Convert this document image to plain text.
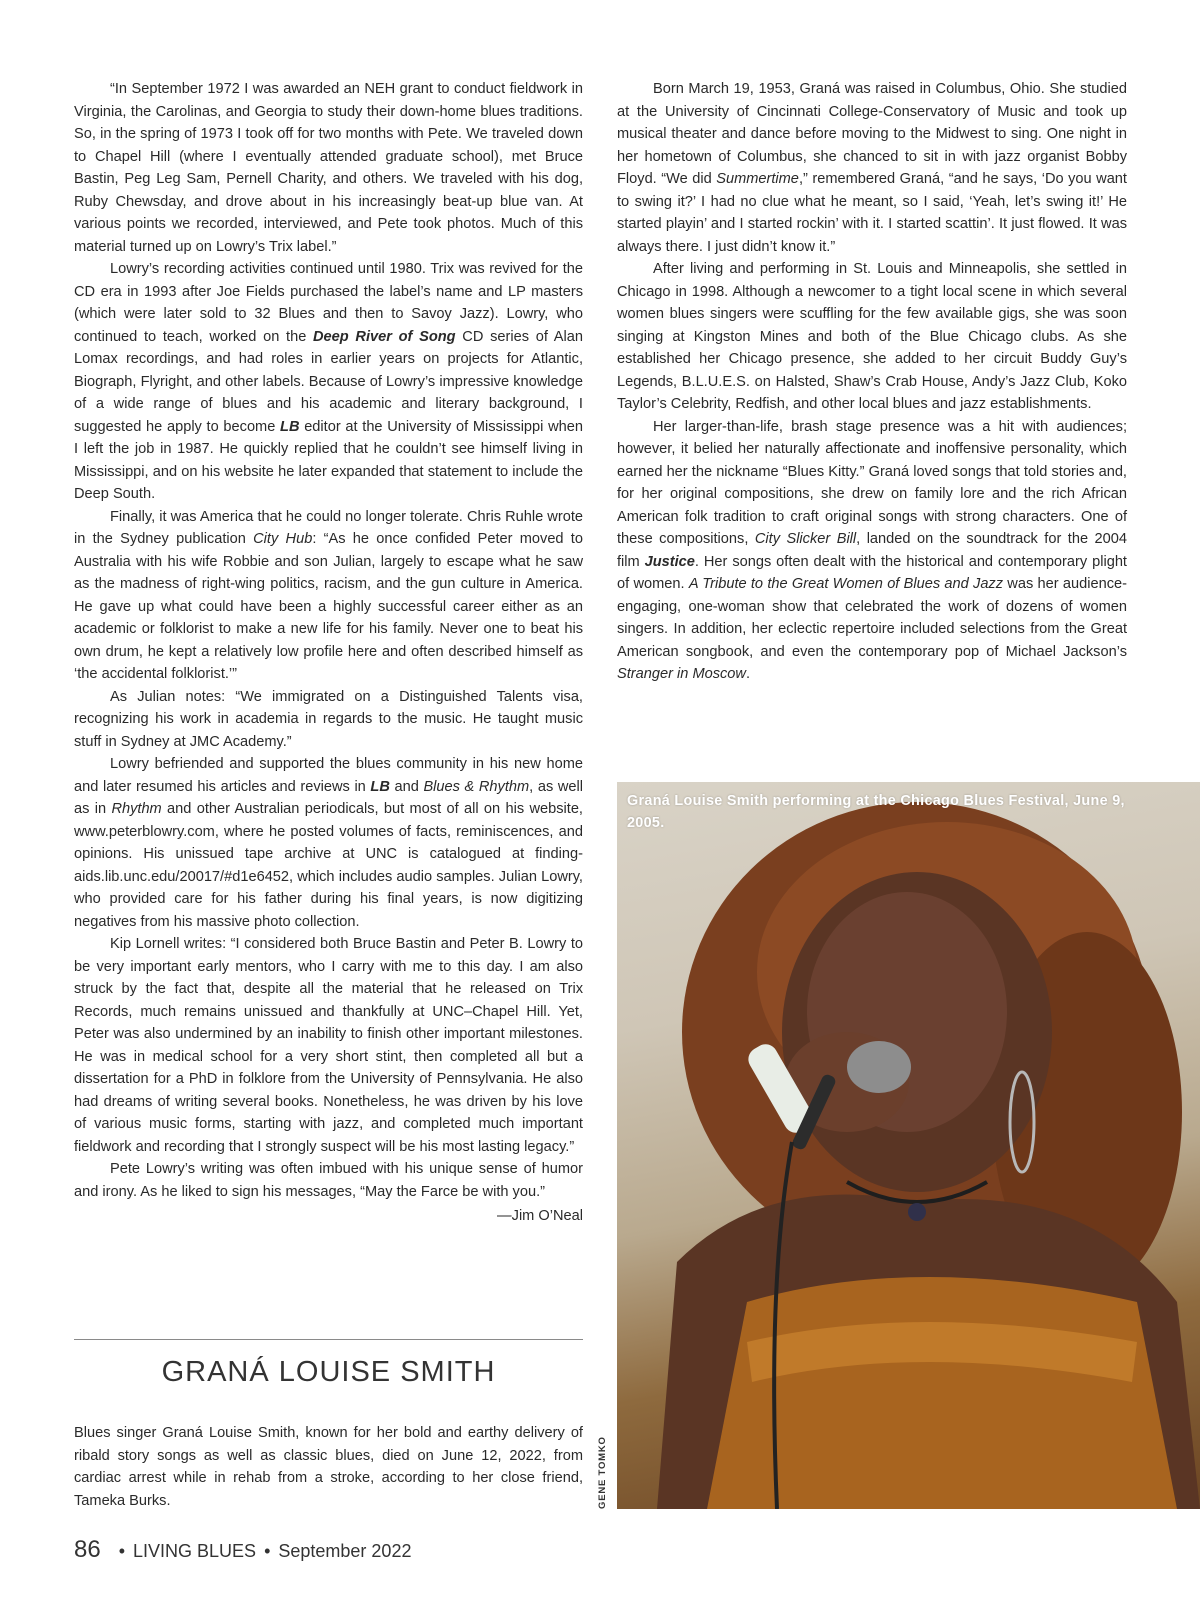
“In September 1972 I was awarded an NEH grant to conduct fieldwork in Virginia, the Carolinas, and Georgia to study their down-home blues traditions. So, in the spring of 1973 I took off for two months with Pete. We traveled down to Chapel Hill (where I eventually attended graduate school), met Bruce Bastin, Peg Leg Sam, Pernell Charity, and others. We traveled with his dog, Ruby Chewsday, and drove about in his increasingly beat-up blue van. At various points we recorded, interviewed, and Pete took photos. Much of this material turned up on Lowry’s Trix label.”

Lowry’s recording activities continued until 1980. Trix was revived for the CD era in 1993 after Joe Fields purchased the label’s name and LP masters (which were later sold to 32 Blues and then to Savoy Jazz). Lowry, who continued to teach, worked on the Deep River of Song CD series of Alan Lomax recordings, and had roles in earlier years on projects for Atlantic, Biograph, Flyright, and other labels. Because of Lowry’s impressive knowledge of a wide range of blues and his academic and literary background, I suggested he apply to become LB editor at the University of Mississippi when I left the job in 1987. He quickly replied that he couldn’t see himself living in Mississippi, and on his website he later expanded that statement to include the Deep South.

Finally, it was America that he could no longer tolerate. Chris Ruhle wrote in the Sydney publication City Hub: “As he once confided Peter moved to Australia with his wife Robbie and son Julian, largely to escape what he saw as the madness of right-wing politics, racism, and the gun culture in America. He gave up what could have been a highly successful career either as an academic or folklorist to make a new life for his family. Never one to beat his own drum, he kept a relatively low profile here and often described himself as ‘the accidental folklorist.’”

As Julian notes: “We immigrated on a Distinguished Talents visa, recognizing his work in academia in regards to the music. He taught music stuff in Sydney at JMC Academy.”

Lowry befriended and supported the blues community in his new home and later resumed his articles and reviews in LB and Blues & Rhythm, as well as in Rhythm and other Australian periodicals, but most of all on his website, www.peterblowry.com, where he posted volumes of facts, reminiscences, and opinions. His unissued tape archive at UNC is catalogued at finding-aids.lib.unc.edu/20017/#d1e6452, which includes audio samples. Julian Lowry, who provided care for his father during his final years, is now digitizing negatives from his massive photo collection.

Kip Lornell writes: “I considered both Bruce Bastin and Peter B. Lowry to be very important early mentors, who I carry with me to this day. I am also struck by the fact that, despite all the material that he released on Trix Records, much remains unissued and thankfully at UNC–Chapel Hill. Yet, Peter was also undermined by an inability to finish other important milestones. He was in medical school for a very short stint, then completed all but a dissertation for a PhD in folklore from the University of Pennsylvania. He also had dreams of writing several books. Nonetheless, he was driven by his love of various music forms, starting with jazz, and completed much important fieldwork and recording that I strongly suspect will be his most lasting legacy.”

Pete Lowry’s writing was often imbued with his unique sense of humor and irony. As he liked to sign his messages, “May the Farce be with you.”

—Jim O’Neal

GRANÁ LOUISE SMITH

Blues singer Graná Louise Smith, known for her bold and earthy delivery of ribald story songs as well as classic blues, died on June 12, 2022, from cardiac arrest while in rehab from a stroke, according to her close friend, Tameka Burks.

Born March 19, 1953, Graná was raised in Columbus, Ohio. She studied at the University of Cincinnati College-Conservatory of Music and took up musical theater and dance before moving to the Midwest to sing. One night in her hometown of Columbus, she chanced to sit in with jazz organist Bobby Floyd. “We did Summertime,” remembered Graná, “and he says, ‘Do you want to swing it?’ I had no clue what he meant, so I said, ‘Yeah, let’s swing it!’ He started playin’ and I started rockin’ with it. I started scattin’. It just flowed. It was always there. I just didn’t know it.”

After living and performing in St. Louis and Minneapolis, she settled in Chicago in 1998. Although a newcomer to a tight local scene in which several women blues singers were scuffling for the few available gigs, she was soon singing at Kingston Mines and both of the Blue Chicago clubs. As she established her Chicago presence, she added to her circuit Buddy Guy’s Legends, B.L.U.E.S. on Halsted, Shaw’s Crab House, Andy’s Jazz Club, Koko Taylor’s Celebrity, Redfish, and other local blues and jazz establishments.

Her larger-than-life, brash stage presence was a hit with audiences; however, it belied her naturally affectionate and inoffensive personality, which earned her the nickname “Blues Kitty.” Graná loved songs that told stories and, for her original compositions, she drew on family lore and the rich African American folk tradition to craft original songs with strong characters. One of these compositions, City Slicker Bill, landed on the soundtrack for the 2004 film Justice. Her songs often dealt with the historical and contemporary plight of women. A Tribute to the Great Women of Blues and Jazz was her audience-engaging, one-woman show that celebrated the work of dozens of women singers. In addition, her eclectic repertoire included selections from the Great American songbook, and even the contemporary pop of Michael Jackson’s Stranger in Moscow.

Graná Louise Smith performing at the Chicago Blues Festival, June 9, 2005.
GENE TOMKO
86 • LIVING BLUES • September 2022
